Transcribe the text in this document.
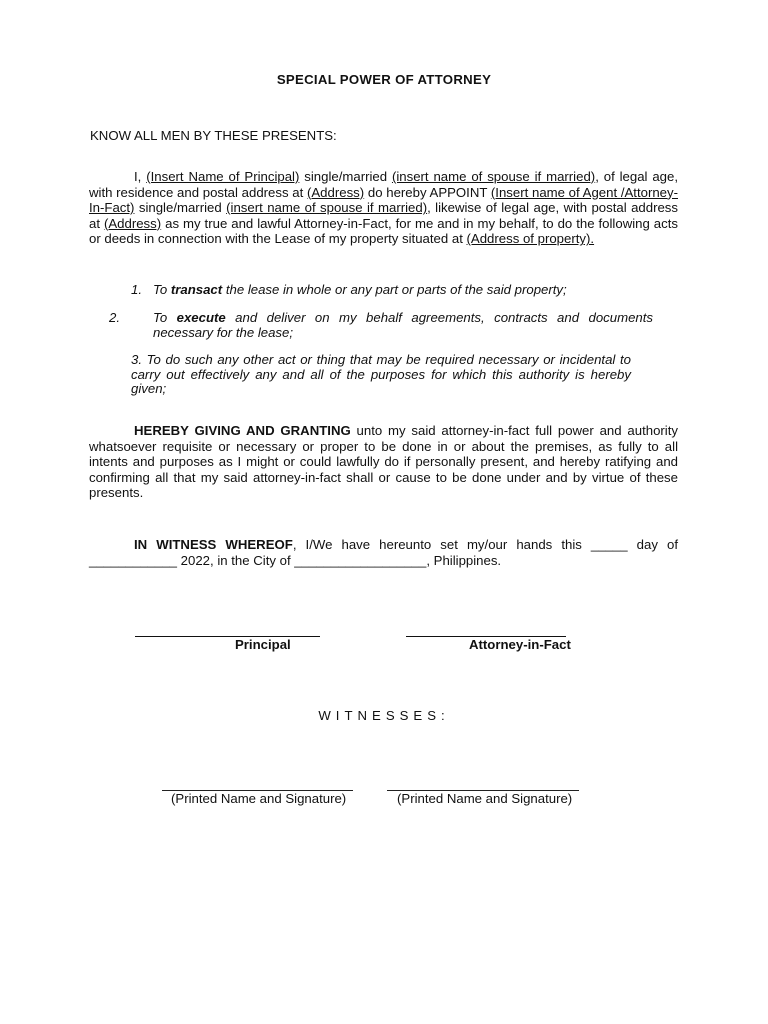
SPECIAL POWER OF ATTORNEY
KNOW ALL MEN BY THESE PRESENTS:
I, (Insert Name of Principal) single/married (insert name of spouse if married), of legal age, with residence and postal address at (Address) do hereby APPOINT (Insert name of Agent /Attorney-In-Fact) single/married (insert name of spouse if married), likewise of legal age, with postal address at (Address) as my true and lawful Attorney-in-Fact, for me and in my behalf, to do the following acts or deeds in connection with the Lease of my property situated at (Address of property).
1. To transact the lease in whole or any part or parts of the said property;
2.	To execute and deliver on my behalf agreements, contracts and documents necessary for the lease;
3. To do such any other act or thing that may be required necessary or incidental to carry out effectively any and all of the purposes for which this authority is hereby given;
HEREBY GIVING AND GRANTING unto my said attorney-in-fact full power and authority whatsoever requisite or necessary or proper to be done in or about the premises, as fully to all intents and purposes as I might or could lawfully do if personally present, and hereby ratifying and confirming all that my said attorney-in-fact shall or cause to be done under and by virtue of these presents.
IN WITNESS WHEREOF, I/We have hereunto set my/our hands this _____ day of ____________ 2022, in the City of __________________, Philippines.
Principal	Attorney-in-Fact
WITNESSES:
(Printed Name and Signature)	(Printed Name and Signature)
